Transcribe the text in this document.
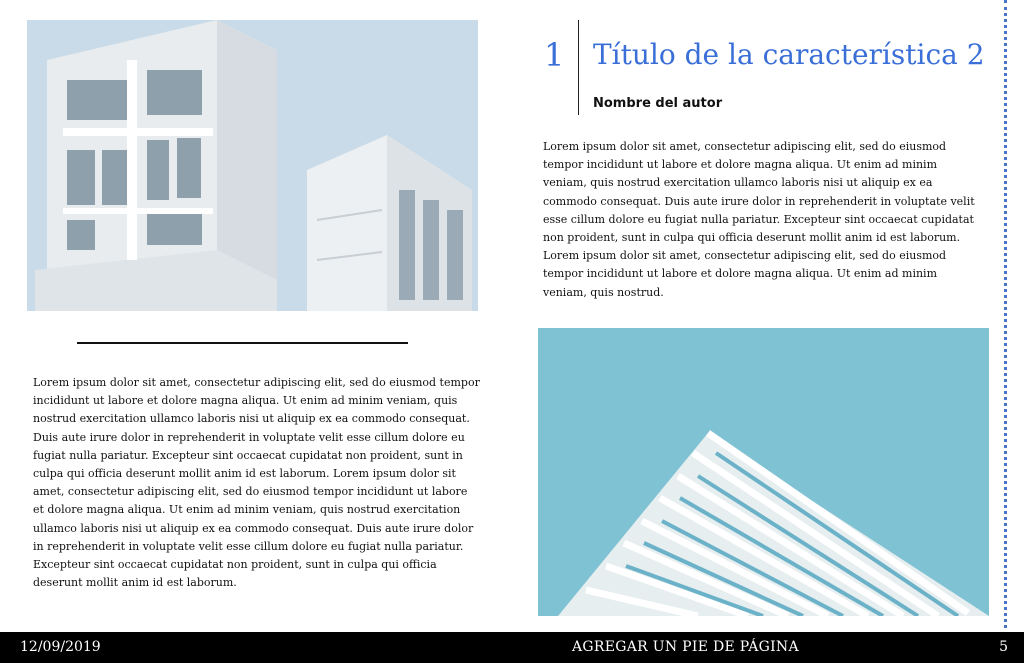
1 Título de la característica 2
Nombre del autor

Lorem ipsum dolor sit amet, consectetur adipiscing elit, sed do eiusmod tempor incididunt ut labore et dolore magna aliqua. Ut enim ad minim veniam, quis nostrud exercitation ullamco laboris nisi ut aliquip ex ea commodo consequat. Duis aute irure dolor in reprehenderit in voluptate velit esse cillum dolore eu fugiat nulla pariatur. Excepteur sint occaecat cupidatat non proident, sunt in culpa qui officia deserunt mollit anim id est laborum. Lorem ipsum dolor sit amet, consectetur adipiscing elit, sed do eiusmod tempor incididunt ut labore et dolore magna aliqua. Ut enim ad minim veniam, quis nostrud.

Lorem ipsum dolor sit amet, consectetur adipiscing elit, sed do eiusmod tempor incididunt ut labore et dolore magna aliqua. Ut enim ad minim veniam, quis nostrud exercitation ullamco laboris nisi ut aliquip ex ea commodo consequat. Duis aute irure dolor in reprehenderit in voluptate velit esse cillum dolore eu fugiat nulla pariatur. Excepteur sint occaecat cupidatat non proident, sunt in culpa qui officia deserunt mollit anim id est laborum. Lorem ipsum dolor sit amet, consectetur adipiscing elit, sed do eiusmod tempor incididunt ut labore et dolore magna aliqua. Ut enim ad minim veniam, quis nostrud exercitation ullamco laboris nisi ut aliquip ex ea commodo consequat. Duis aute irure dolor in reprehenderit in voluptate velit esse cillum dolore eu fugiat nulla pariatur. Excepteur sint occaecat cupidatat non proident, sunt in culpa qui officia deserunt mollit anim id est laborum.

12/09/2019	AGREGAR UN PIE DE PÁGINA	5
